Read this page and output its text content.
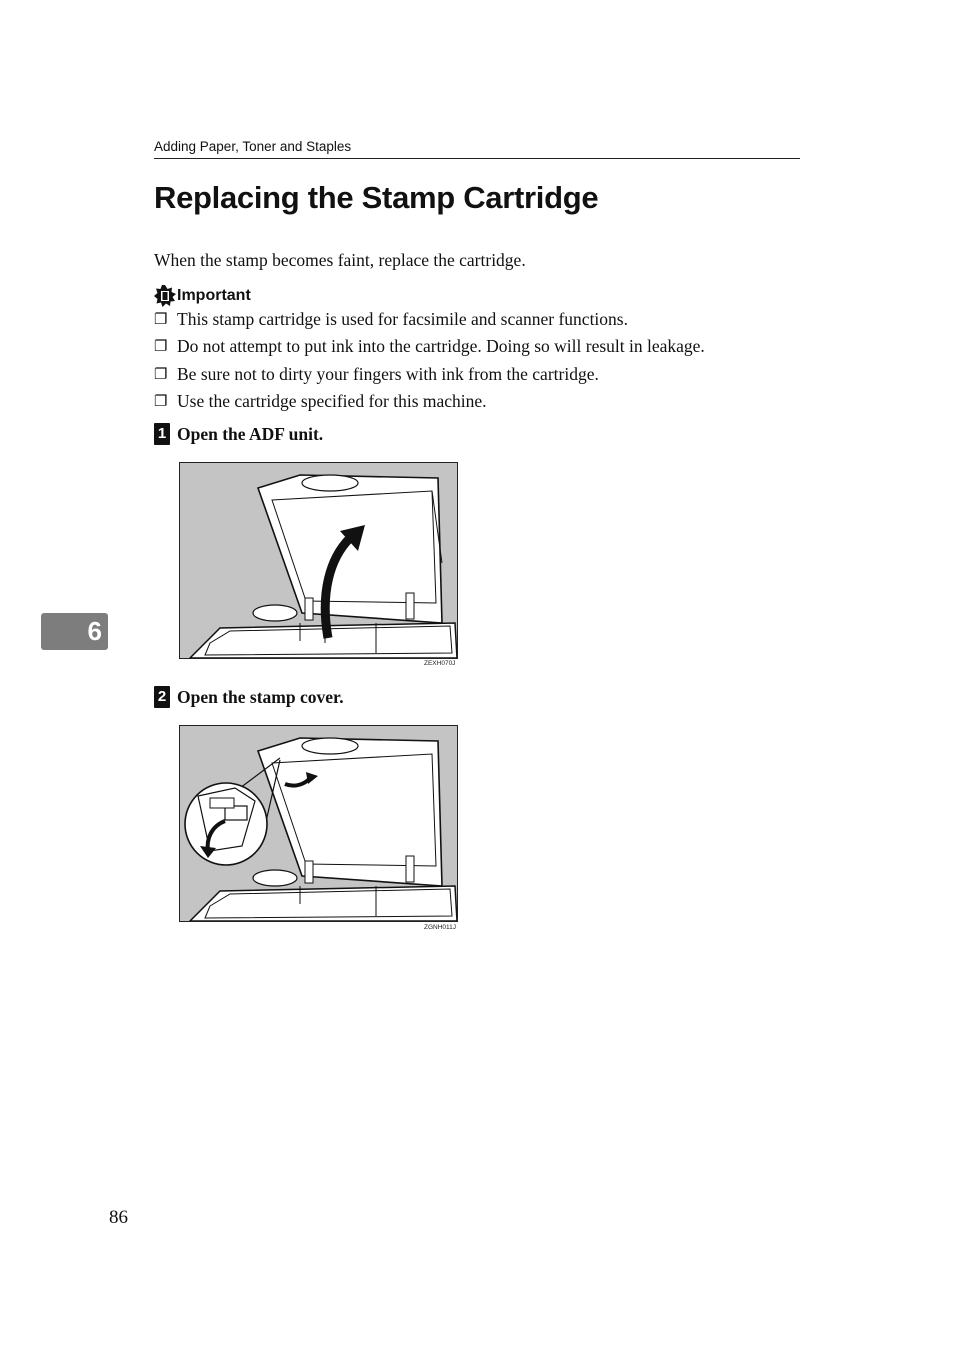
Adding Paper, Toner and Staples
Replacing the Stamp Cartridge
When the stamp becomes faint, replace the cartridge.
Important
❐ This stamp cartridge is used for facsimile and scanner functions.
❐ Do not attempt to put ink into the cartridge. Doing so will result in leakage.
❐ Be sure not to dirty your fingers with ink from the cartridge.
❐ Use the cartridge specified for this machine.
1 Open the ADF unit.
ZEXH070J
2 Open the stamp cover.
ZGNH011J
6
86
